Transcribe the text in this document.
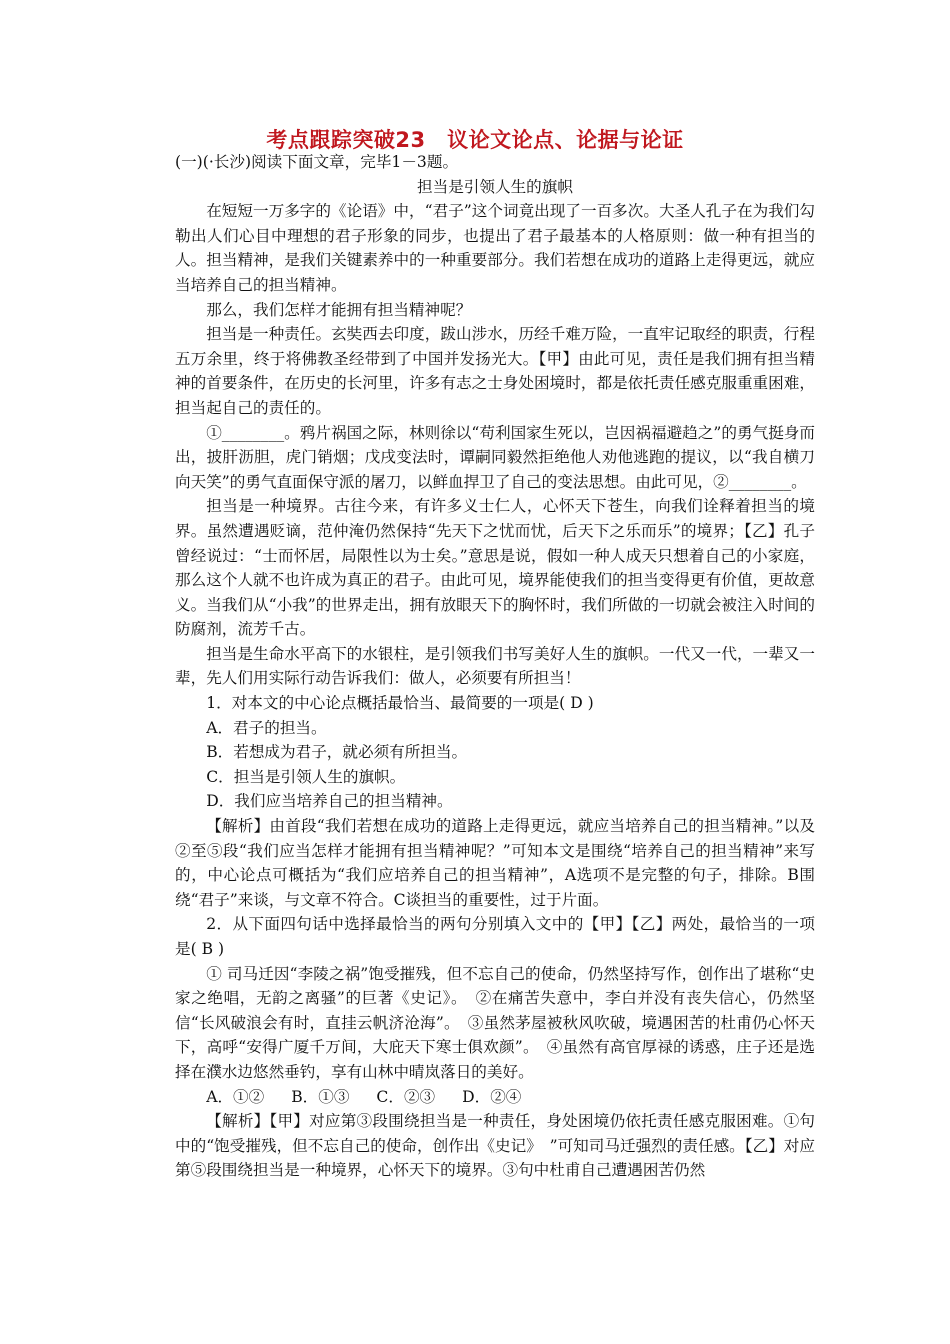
考点跟踪突破23　议论文论点、论据与论证

(一)(·长沙)阅读下面文章，完毕1－3题。

担当是引领人生的旗帜

在短短一万多字的《论语》中，“君子”这个词竟出现了一百多次。大圣人孔子在为我们勾勒出人们心目中理想的君子形象的同步，也提出了君子最基本的人格原则：做一种有担当的人。担当精神，是我们关键素养中的一种重要部分。我们若想在成功的道路上走得更远，就应当培养自己的担当精神。

那么，我们怎样才能拥有担当精神呢？

担当是一种责任。玄奘西去印度，跋山涉水，历经千难万险，一直牢记取经的职责，行程五万余里，终于将佛教圣经带到了中国并发扬光大。【甲】由此可见，责任是我们拥有担当精神的首要条件，在历史的长河里，许多有志之士身处困境时，都是依托责任感克服重重困难，担当起自己的责任的。

①________。鸦片祸国之际，林则徐以“苟利国家生死以，岂因祸福避趋之”的勇气挺身而出，披肝沥胆，虎门销烟；戊戌变法时，谭嗣同毅然拒绝他人劝他逃跑的提议，以“我自横刀向天笑”的勇气直面保守派的屠刀，以鲜血捍卫了自己的变法思想。由此可见，②________。

担当是一种境界。古往今来，有许多义士仁人，心怀天下苍生，向我们诠释着担当的境界。虽然遭遇贬谪，范仲淹仍然保持“先天下之忧而忧，后天下之乐而乐”的境界；【乙】孔子曾经说过：“士而怀居，局限性以为士矣。”意思是说，假如一种人成天只想着自己的小家庭，那么这个人就不也许成为真正的君子。由此可见，境界能使我们的担当变得更有价值，更故意义。当我们从“小我”的世界走出，拥有放眼天下的胸怀时，我们所做的一切就会被注入时间的防腐剂，流芳千古。

担当是生命水平高下的水银柱，是引领我们书写美好人生的旗帜。一代又一代，一辈又一辈，先人们用实际行动告诉我们：做人，必须要有所担当！

1．对本文的中心论点概括最恰当、最简要的一项是( D )

A．君子的担当。

B．若想成为君子，就必须有所担当。

C．担当是引领人生的旗帜。

D．我们应当培养自己的担当精神。

【解析】由首段“我们若想在成功的道路上走得更远，就应当培养自己的担当精神。”以及②至⑤段“我们应当怎样才能拥有担当精神呢？”可知本文是围绕“培养自己的担当精神”来写的，中心论点可概括为“我们应培养自己的担当精神”，A选项不是完整的句子，排除。B围绕“君子”来谈，与文章不符合。C谈担当的重要性，过于片面。

2．从下面四句话中选择最恰当的两句分别填入文中的【甲】【乙】两处，最恰当的一项是( B )

① 司马迁因“李陵之祸”饱受摧残，但不忘自己的使命，仍然坚持写作，创作出了堪称“史家之绝唱，无韵之离骚”的巨著《史记》。　②在痛苦失意中，李白并没有丧失信心，仍然坚信“长风破浪会有时，直挂云帆济沧海”。　③虽然茅屋被秋风吹破，境遇困苦的杜甫仍心怀天下，高呼“安得广厦千万间，大庇天下寒士俱欢颜”。　④虽然有高官厚禄的诱惑，庄子还是选择在濮水边悠然垂钓，享有山林中晴岚落日的美好。

A．①② B．①③ C．②③ D．②④

【解析】【甲】对应第③段围绕担当是一种责任，身处困境仍依托责任感克服困难。①句中的“饱受摧残，但不忘自己的使命，创作出《史记》　”可知司马迁强烈的责任感。【乙】对应第⑤段围绕担当是一种境界，心怀天下的境界。③句中杜甫自己遭遇困苦仍然
